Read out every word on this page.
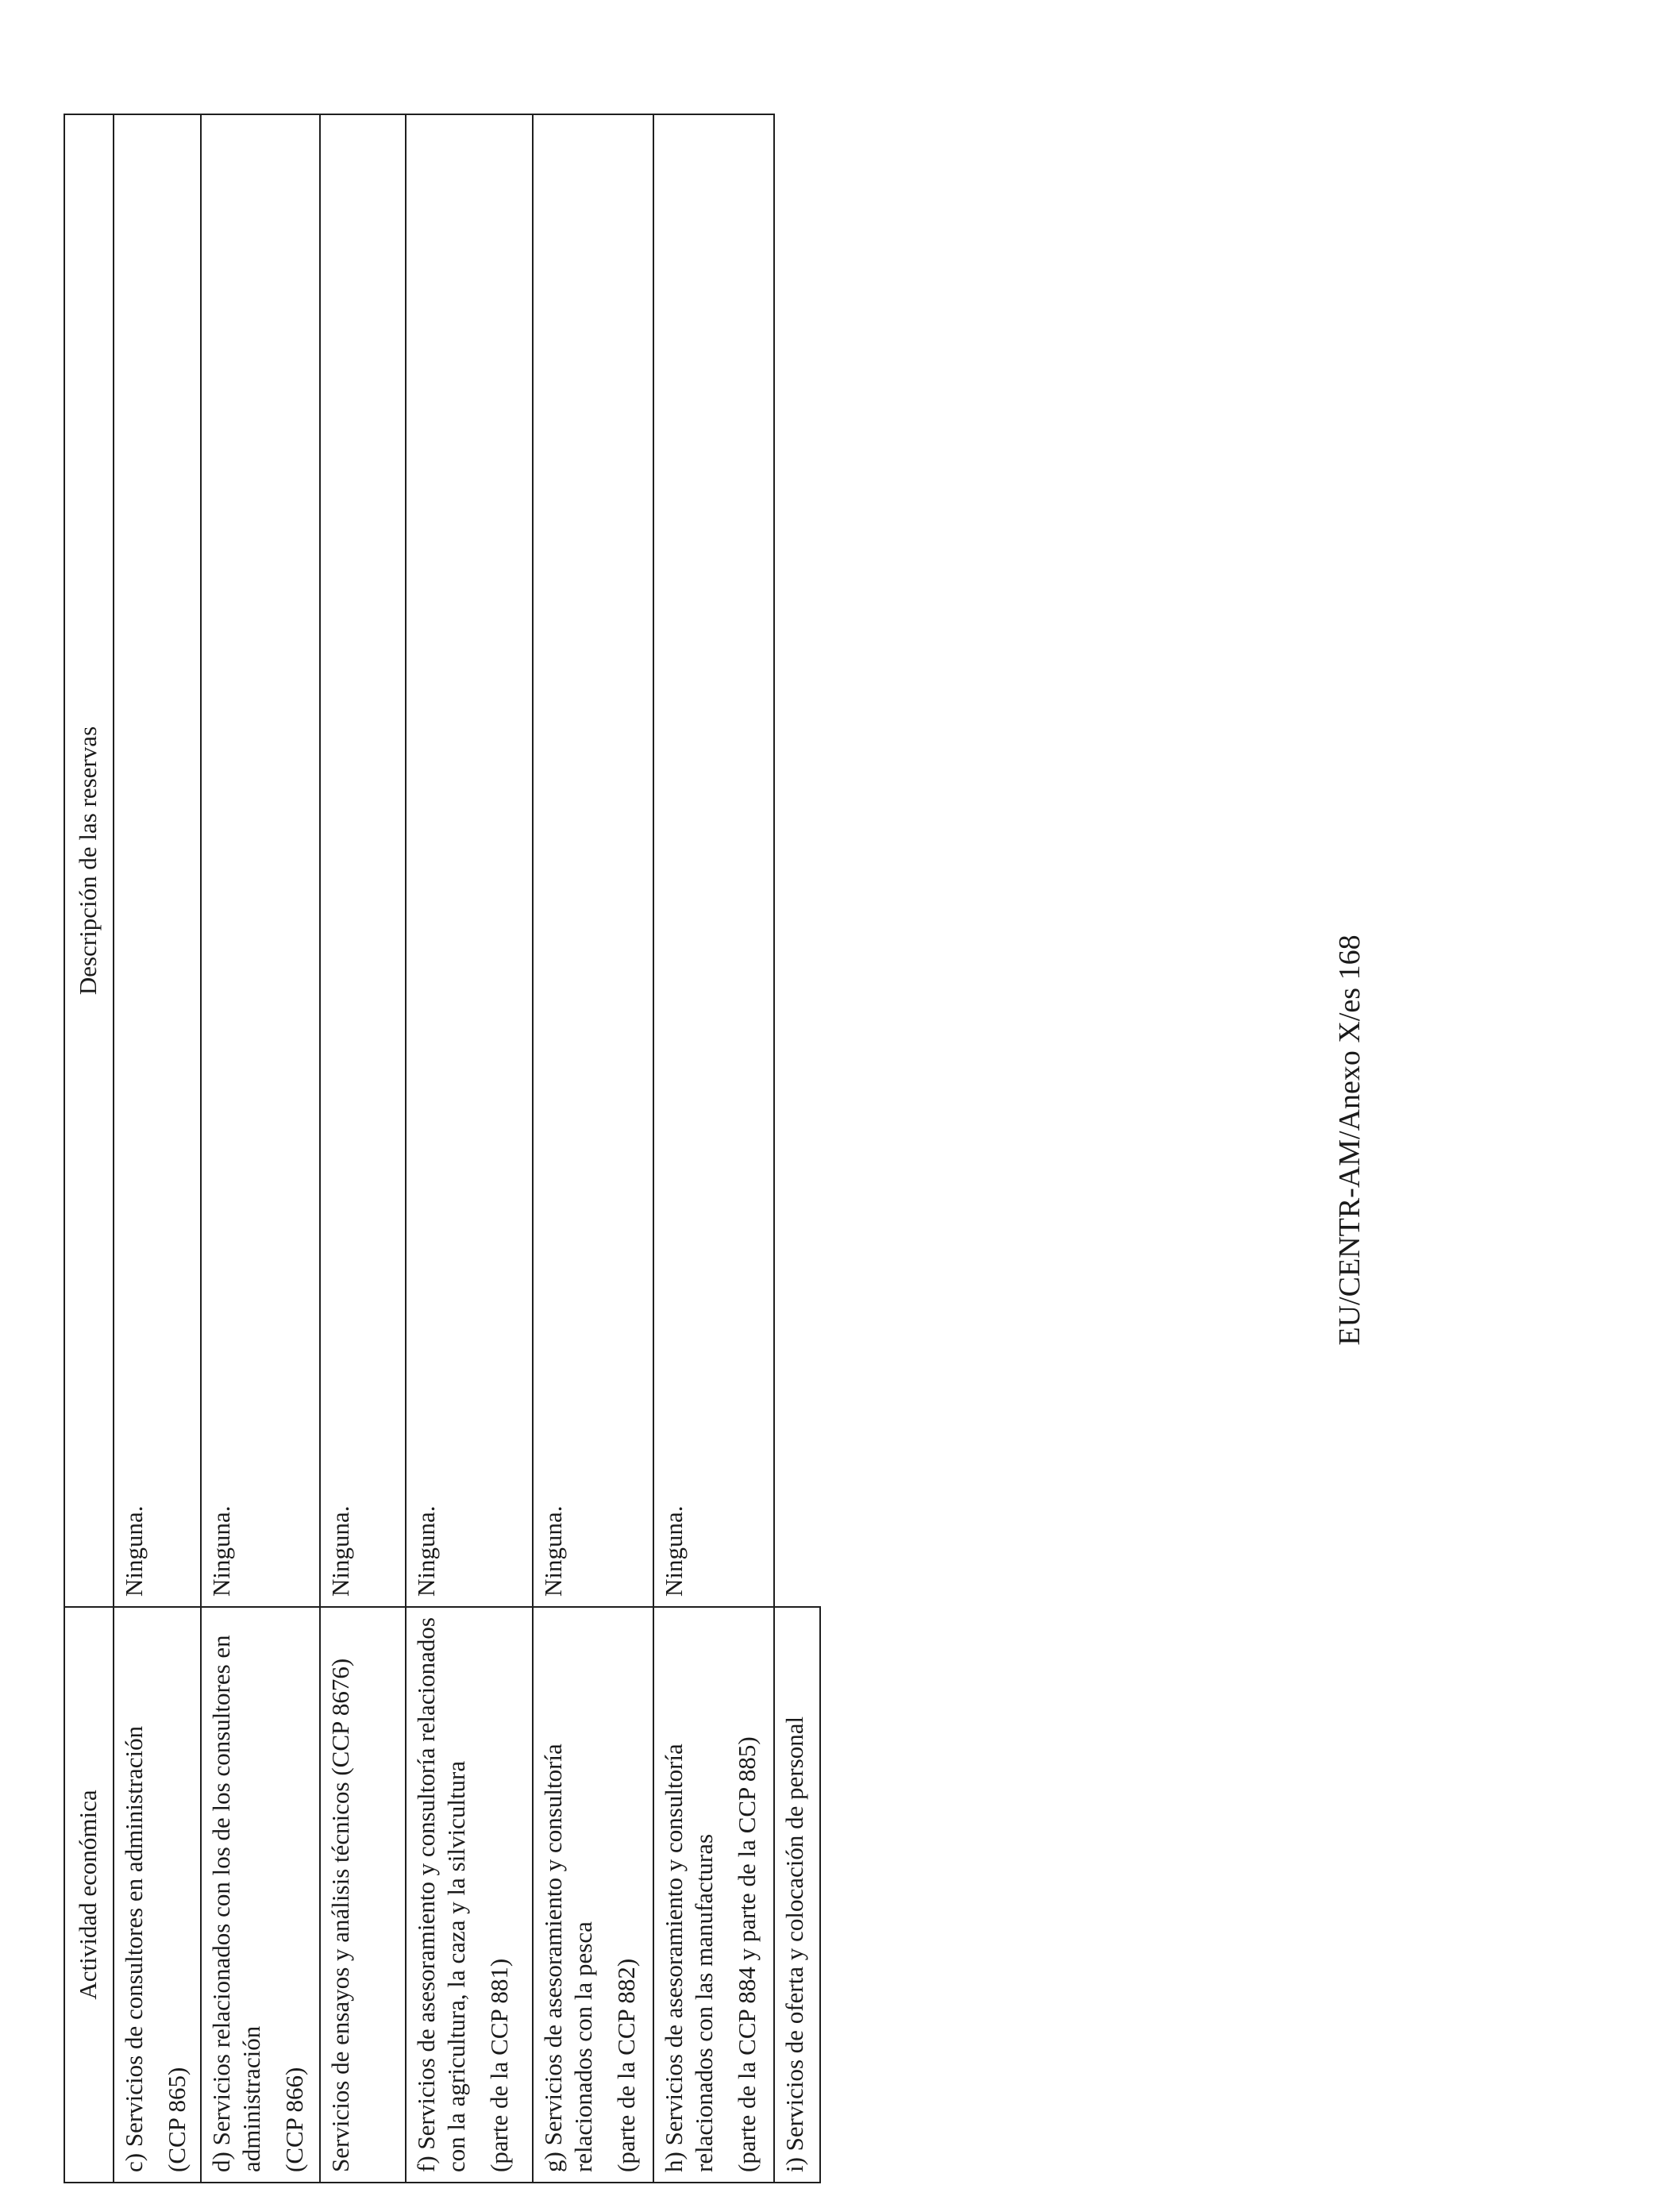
Actividad económica	Descripción de las reservas

c) Servicios de consultores en administración (CCP 865)	Ninguna.

d) Servicios relacionados con los de los consultores en administración (CCP 866)	Ninguna.

Servicios de ensayos y análisis técnicos (CCP 8676)	Ninguna.

f) Servicios de asesoramiento y consultoría relacionados con la agricultura, la caza y la silvicultura (parte de la CCP 881)	Ninguna.

g) Servicios de asesoramiento y consultoría relacionados con la pesca (parte de la CCP 882)	Ninguna.

h) Servicios de asesoramiento y consultoría relacionados con las manufacturas (parte de la CCP 884 y parte de la CCP 885)	Ninguna.

i) Servicios de oferta y colocación de personal	

EU/CENTR-AM/Anexo X/es 168
